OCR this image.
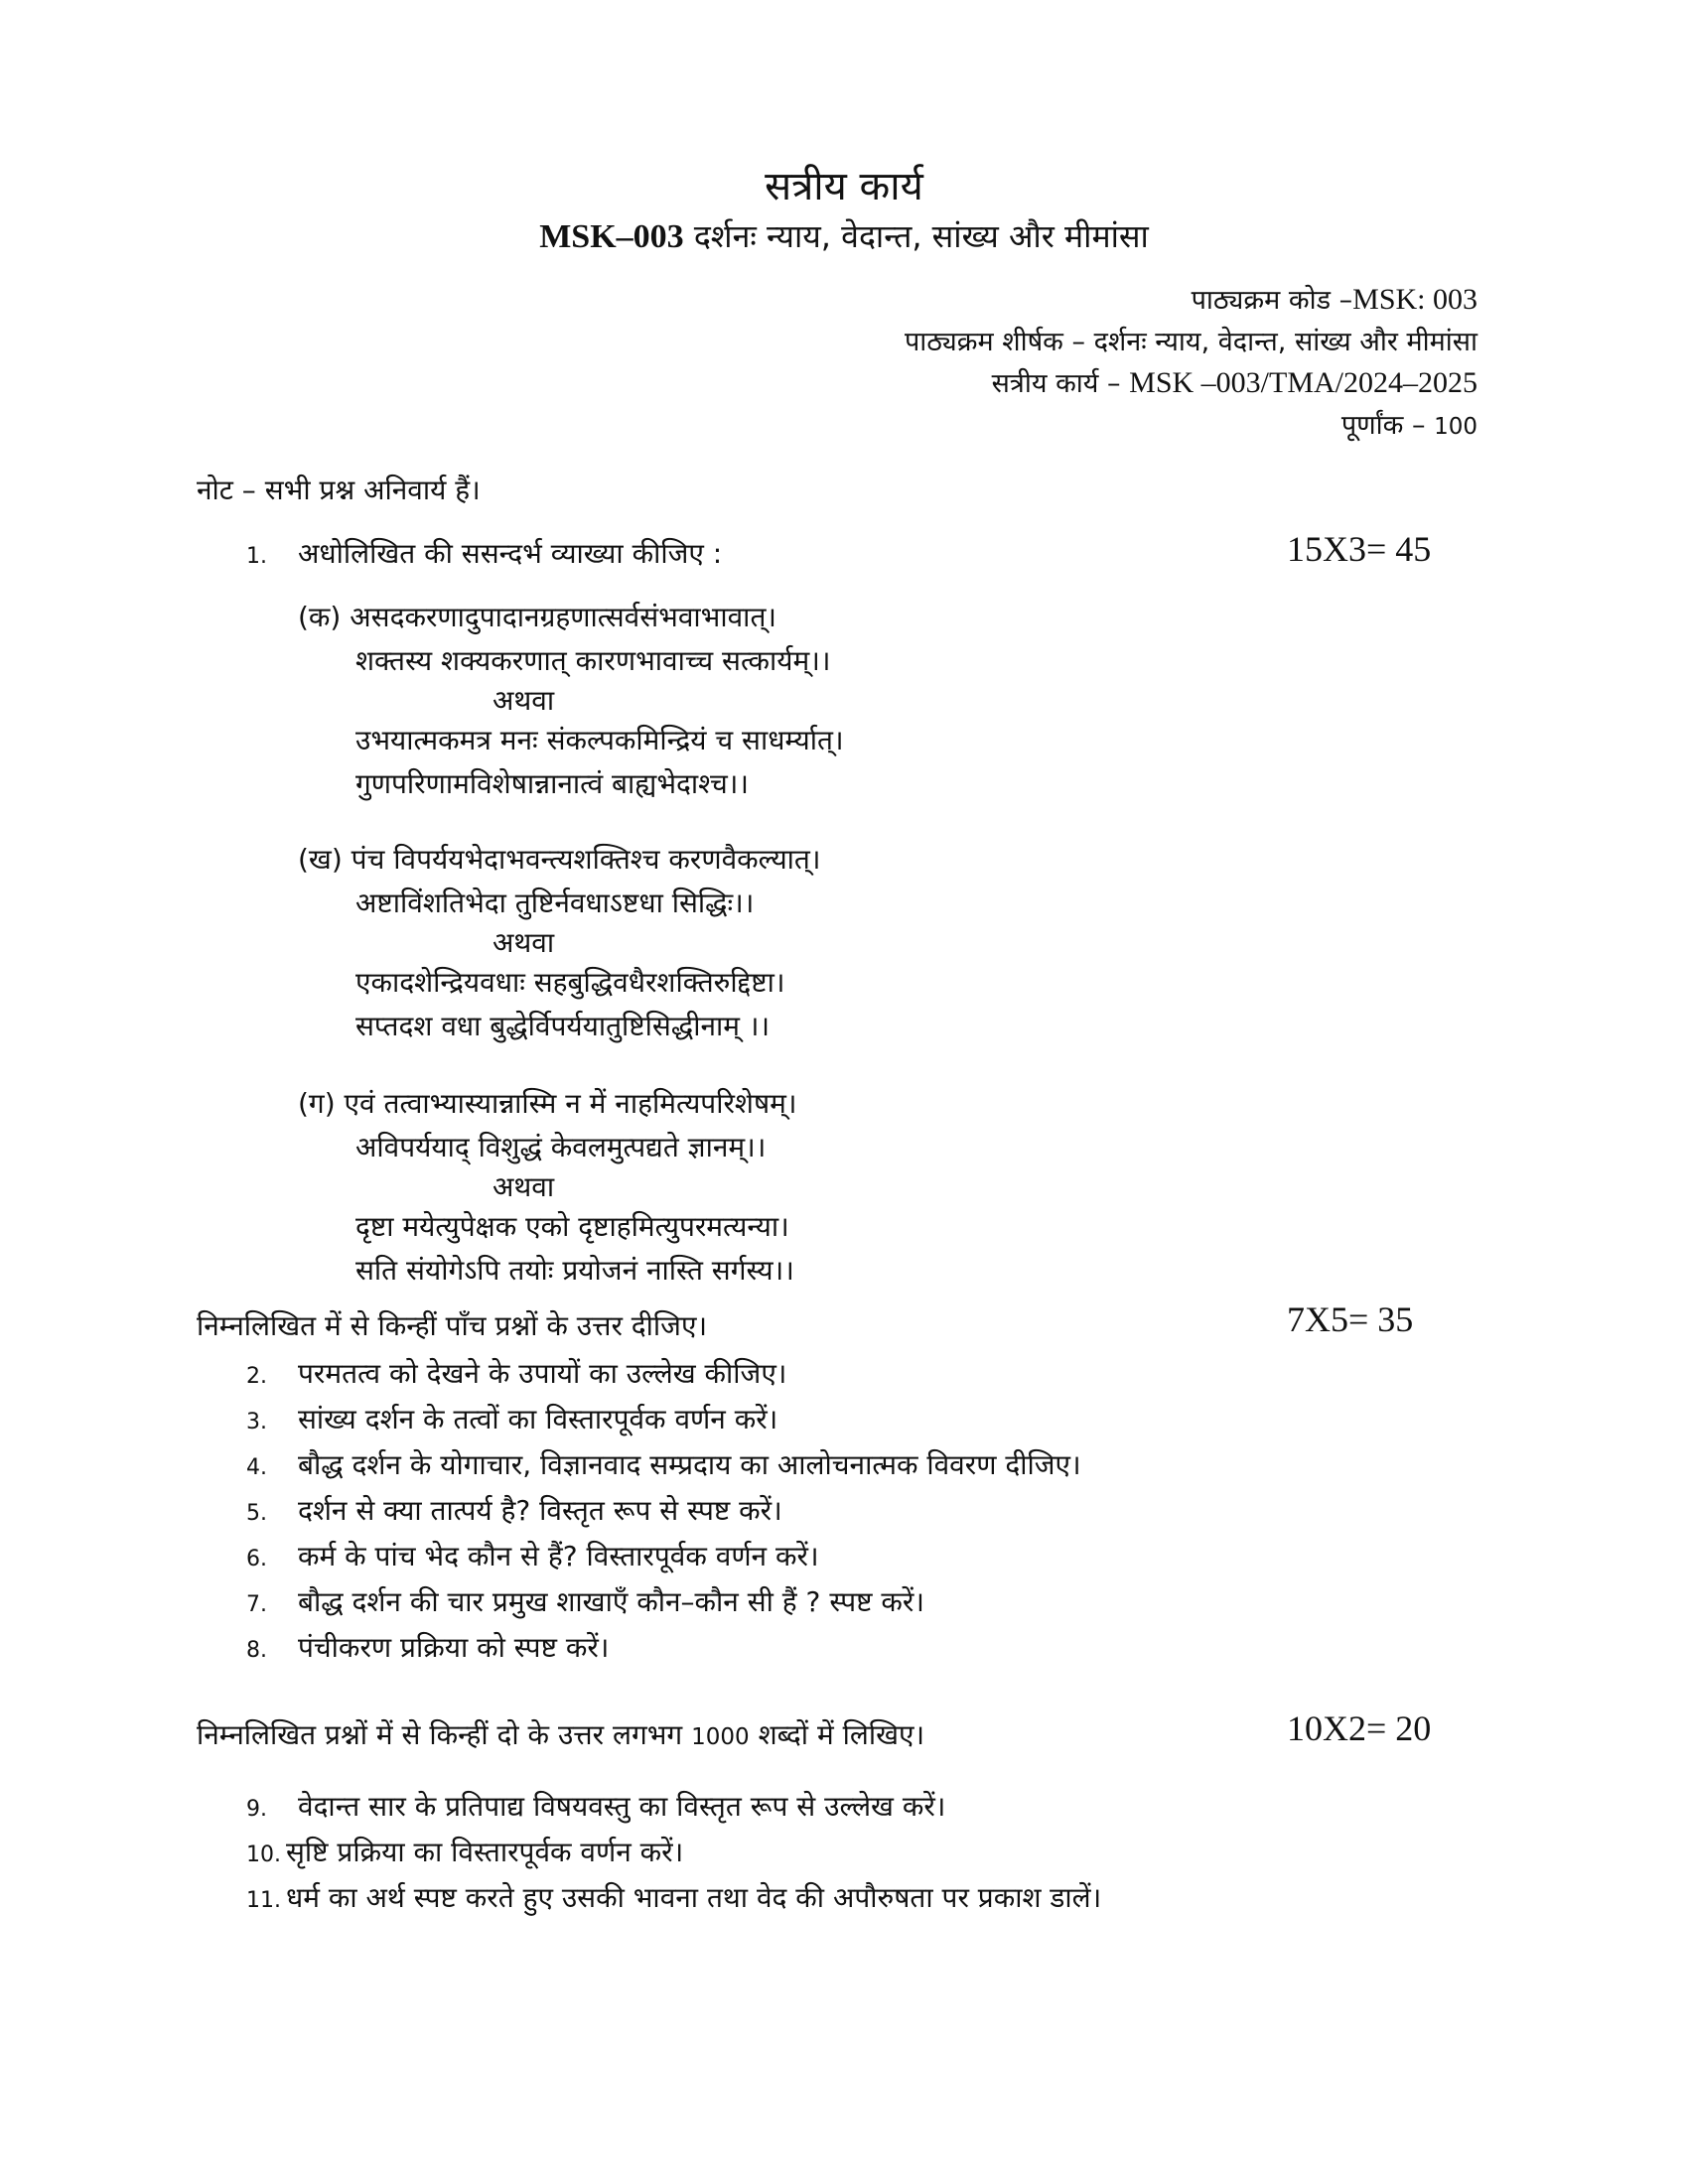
सत्रीय कार्य
MSK–003 दर्शनः न्याय, वेदान्त, सांख्य और मीमांसा
पाठ्यक्रम कोड –MSK: 003
पाठ्यक्रम शीर्षक – दर्शनः न्याय, वेदान्त, सांख्य और मीमांसा
सत्रीय कार्य – MSK –003/TMA/2024–2025
पूर्णांक – 100
नोट – सभी प्रश्न अनिवार्य हैं।
1. अधोलिखित की ससन्दर्भ व्याख्या कीजिए :	15X3= 45
(क) असदकरणादुपादानग्रहणात्सर्वसंभवाभावात्।
शक्तस्य शक्यकरणात् कारणभावाच्च सत्कार्यम्।।
अथवा
उभयात्मकमत्र मनः संकल्पकमिन्द्रियं च साधर्म्यात्।
गुणपरिणामविशेषान्नानात्वं बाह्यभेदाश्च।।
(ख) पंच विपर्ययभेदाभवन्त्यशक्तिश्च करणवैकल्यात्।
अष्टाविंशतिभेदा तुष्टिर्नवधाऽष्टधा सिद्धिः।।
अथवा
एकादशेन्द्रियवधाः सहबुद्धिवधैरशक्तिरुद्दिष्टा।
सप्तदश वधा बुद्धेर्विपर्ययातुष्टिसिद्धीनाम् ।।
(ग) एवं तत्वाभ्यास्यान्नास्मि न में नाहमित्यपरिशेषम्।
अविपर्ययाद् विशुद्धं केवलमुत्पद्यते ज्ञानम्।।
अथवा
दृष्टा मयेत्युपेक्षक एको दृष्टाहमित्युपरमत्यन्या।
सति संयोगेऽपि तयोः प्रयोजनं नास्ति सर्गस्य।।
निम्नलिखित में से किन्हीं पाँच प्रश्नों के उत्तर दीजिए।	7X5= 35
2. परमतत्व को देखने के उपायों का उल्लेख कीजिए।
3. सांख्य दर्शन के तत्वों का विस्तारपूर्वक वर्णन करें।
4. बौद्ध दर्शन के योगाचार, विज्ञानवाद सम्प्रदाय का आलोचनात्मक विवरण दीजिए।
5. दर्शन से क्या तात्पर्य है? विस्तृत रूप से स्पष्ट करें।
6. कर्म के पांच भेद कौन से हैं? विस्तारपूर्वक वर्णन करें।
7. बौद्ध दर्शन की चार प्रमुख शाखाएँ कौन–कौन सी हैं ? स्पष्ट करें।
8. पंचीकरण प्रक्रिया को स्पष्ट करें।
निम्नलिखित प्रश्नों में से किन्हीं दो के उत्तर लगभग 1000 शब्दों में लिखिए।	10X2= 20
9. वेदान्त सार के प्रतिपाद्य विषयवस्तु का विस्तृत रूप से उल्लेख करें।
10. सृष्टि प्रक्रिया का विस्तारपूर्वक वर्णन करें।
11. धर्म का अर्थ स्पष्ट करते हुए उसकी भावना तथा वेद की अपौरुषता पर प्रकाश डालें।
